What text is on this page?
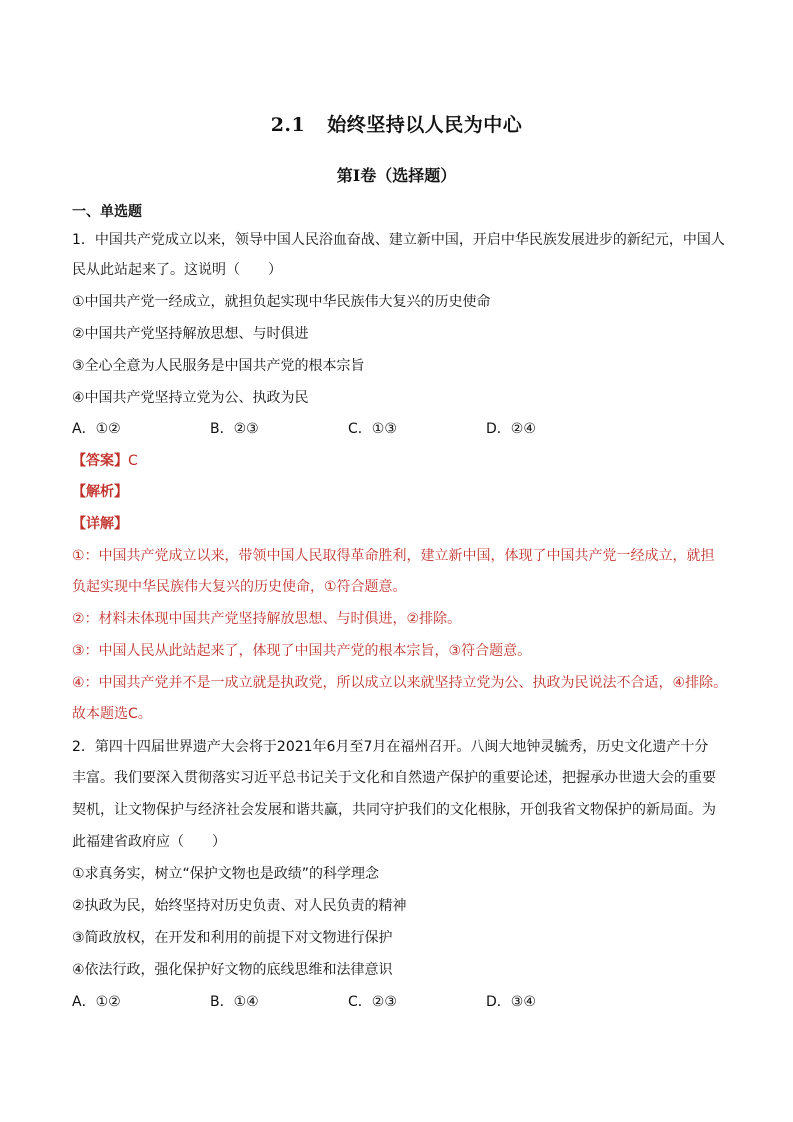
2.1 始终坚持以人民为中心
第I卷（选择题）
一、单选题
1．中国共产党成立以来，领导中国人民浴血奋战、建立新中国，开启中华民族发展进步的新纪元，中国人
民从此站起来了。这说明（　　）
①中国共产党一经成立，就担负起实现中华民族伟大复兴的历史使命
②中国共产党坚持解放思想、与时俱进
③全心全意为人民服务是中国共产党的根本宗旨
④中国共产党坚持立党为公、执政为民
A．①②	B．②③	C．①③	D．②④
【答案】C
【解析】
【详解】
①：中国共产党成立以来，带领中国人民取得革命胜利，建立新中国，体现了中国共产党一经成立，就担
负起实现中华民族伟大复兴的历史使命，①符合题意。
②：材料未体现中国共产党坚持解放思想、与时俱进，②排除。
③：中国人民从此站起来了，体现了中国共产党的根本宗旨，③符合题意。
④：中国共产党并不是一成立就是执政党，所以成立以来就坚持立党为公、执政为民说法不合适，④排除。
故本题选C。
2．第四十四届世界遗产大会将于2021年6月至7月在福州召开。八闽大地钟灵毓秀，历史文化遗产十分
丰富。我们要深入贯彻落实习近平总书记关于文化和自然遗产保护的重要论述，把握承办世遗大会的重要
契机，让文物保护与经济社会发展和谐共赢，共同守护我们的文化根脉，开创我省文物保护的新局面。为
此福建省政府应（　　）
①求真务实，树立“保护文物也是政绩”的科学理念
②执政为民，始终坚持对历史负责、对人民负责的精神
③简政放权，在开发和利用的前提下对文物进行保护
④依法行政，强化保护好文物的底线思维和法律意识
A．①②	B．①④	C．②③	D．③④
